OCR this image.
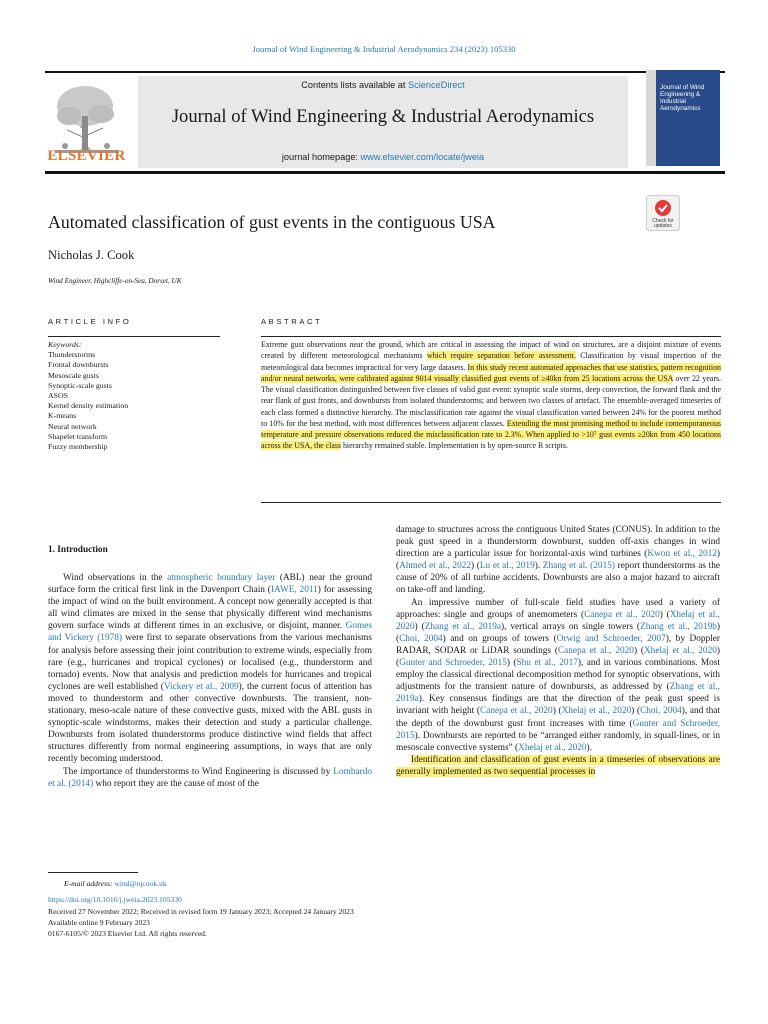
Journal of Wind Engineering & Industrial Aerodynamics 234 (2023) 105330
ELSEVIER
Contents lists available at ScienceDirect
Journal of Wind Engineering & Industrial Aerodynamics
journal homepage: www.elsevier.com/locate/jweia
Journal of Wind Engineering & Industrial Aerodynamics
Check for
updates
Automated classification of gust events in the contiguous USA
Nicholas J. Cook
Wind Engineer, Highcliffe-on-Sea, Dorset, UK
ARTICLE INFO	ABSTRACT
Keywords:
Thunderstorms
Frontal downbursts
Mesoscale gusts
Synoptic-scale gusts
ASOS
Kernel density estimation
K-means
Neural network
Shapelet transform
Fuzzy membership
Extreme gust observations near the ground, which are critical in assessing the impact of wind on structures, are a disjoint mixture of events created by different meteorological mechanisms which require separation before assessment. Classification by visual inspection of the meteorological data becomes impractical for very large datasets. In this study recent automated approaches that use statistics, pattern recognition and/or neural networks, were calibrated against 9014 visually classified gust events of ≥40kn from 25 locations across the USA over 22 years. The visual classification distinguished between five classes of valid gust event: synoptic scale storms, deep convection, the forward flank and the rear flank of gust fronts, and downbursts from isolated thunderstorms; and between two classes of artefact. The ensemble-averaged timeseries of each class formed a distinctive hierarchy. The misclassification rate against the visual classification varied between 24% for the poorest method to 10% for the best method, with most differences between adjacent classes. Extending the most promising method to include contemporaneous temperature and pressure observations reduced the misclassification rate to 2.3%. When applied to >10⁷ gust events ≥20kn from 450 locations across the USA, the class hierarchy remained stable. Implementation is by open-source R scripts.
1. Introduction

Wind observations in the atmospheric boundary layer (ABL) near the ground surface form the critical first link in the Davenport Chain (IAWE, 2011) for assessing the impact of wind on the built environment. A concept now generally accepted is that all wind climates are mixed in the sense that physically different wind mechanisms govern surface winds at different times in an exclusive, or disjoint, manner. Gomes and Vickery (1978) were first to separate observations from the various mechanisms for analysis before assessing their joint contribution to extreme winds, especially from rare (e.g., hurricanes and tropical cyclones) or localised (e.g., thunderstorm and tornado) events. Now that analysis and prediction models for hurricanes and tropical cyclones are well established (Vickery et al., 2009), the current focus of attention has moved to thunderstorm and other convective downbursts. The transient, non-stationary, meso-scale nature of these convective gusts, mixed with the ABL gusts in synoptic-scale windstorms, makes their detection and study a particular challenge. Downbursts from isolated thunderstorms produce distinctive wind fields that affect structures differently from normal engineering assumptions, in ways that are only recently becoming understood.

The importance of thunderstorms to Wind Engineering is discussed by Lombardo et al. (2014) who report they are the cause of most of the

damage to structures across the contiguous United States (CONUS). In addition to the peak gust speed in a thunderstorm downburst, sudden off-axis changes in wind direction are a particular issue for horizontal-axis wind turbines (Kwon et al., 2012) (Ahmed et al., 2022) (Lu et al., 2019). Zhang et al. (2015) report thunderstorms as the cause of 20% of all turbine accidents. Downbursts are also a major hazard to aircraft on take-off and landing.

An impressive number of full-scale field studies have used a variety of approaches: single and groups of anemometers (Canepa et al., 2020) (Xhelaj et al., 2020) (Zhang et al., 2019a), vertical arrays on single towers (Zhang et al., 2019b) (Choi, 2004) and on groups of towers (Orwig and Schroeder, 2007), by Doppler RADAR, SODAR or LiDAR soundings (Canepa et al., 2020) (Xhelaj et al., 2020) (Gunter and Schroeder, 2015) (Shu et al., 2017), and in various combinations. Most employ the classical directional decomposition method for synoptic observations, with adjustments for the transient nature of downbursts, as addressed by (Zhang et al., 2019a). Key consensus findings are that the direction of the peak gust speed is invariant with height (Canepa et al., 2020) (Xhelaj et al., 2020) (Choi, 2004), and that the depth of the downburst gust front increases with time (Gunter and Schroeder, 2015). Downbursts are reported to be “arranged either randomly, in squall-lines, or in mesoscale convective systems” (Xhelaj et al., 2020).

Identification and classification of gust events in a timeseries of observations are generally implemented as two sequential processes in

E-mail address: wind@njcook.uk
https://doi.org/10.1016/j.jweia.2023.105330
Received 27 November 2022; Received in revised form 19 January 2023; Accepted 24 January 2023
Available online 9 February 2023
0167-6105/© 2023 Elsevier Ltd. All rights reserved.
